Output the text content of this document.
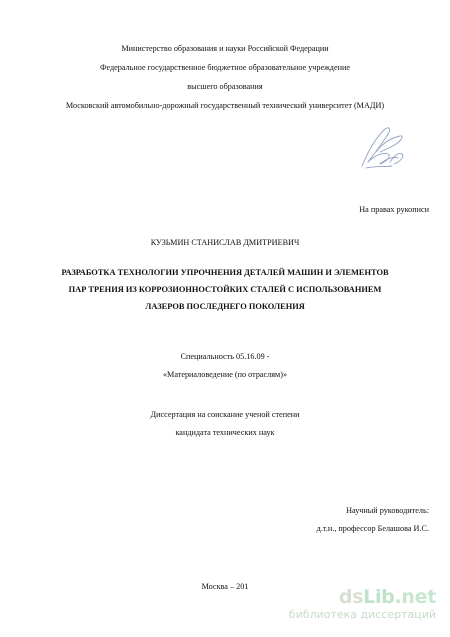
Министерство образования и науки Российской Федерации
Федеральное государственное бюджетное образовательное учреждение
высшего образования
Московский автомобильно-дорожный государственный технический университет (МАДИ)
На правах рукописи
КУЗЬМИН СТАНИСЛАВ ДМИТРИЕВИЧ
РАЗРАБОТКА ТЕХНОЛОГИИ УПРОЧНЕНИЯ ДЕТАЛЕЙ МАШИН И ЭЛЕМЕНТОВ
ПАР ТРЕНИЯ ИЗ КОРРОЗИОННОСТОЙКИХ СТАЛЕЙ С ИСПОЛЬЗОВАНИЕМ
ЛАЗЕРОВ ПОСЛЕДНЕГО ПОКОЛЕНИЯ
Специальность 05.16.09 -
«Материаловедение (по отраслям)»
Диссертация на соискание ученой степени
кандидата технических наук
Научный руководитель:
д.т.н., профессор Белашова И.С.
Москва – 201	dsLib.net
библиотека диссертаций
